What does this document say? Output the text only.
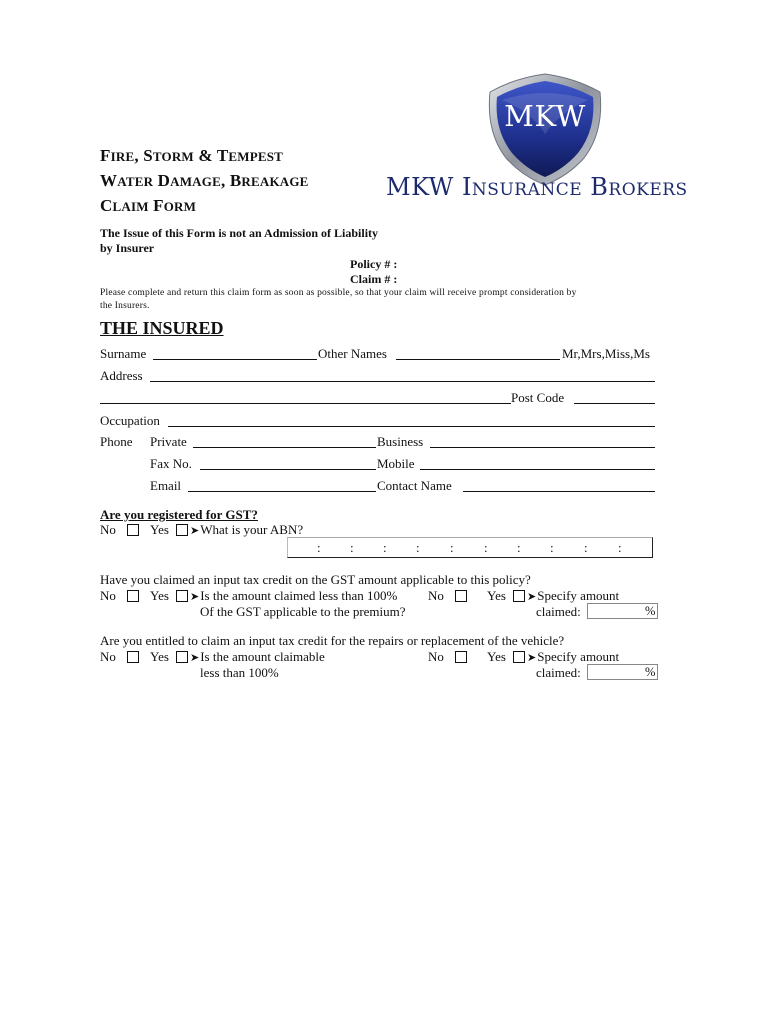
MKW
MKW Insurance Brokers
FIRE, STORM & TEMPEST
WATER DAMAGE, BREAKAGE
CLAIM FORM
The Issue of this Form is not an Admission of Liability
by Insurer
Policy # :
Claim # :
Please complete and return this claim form as soon as possible, so that your claim will receive prompt consideration by
the Insurers.
THE INSURED
Surname	Other Names	Mr,Mrs,Miss,Ms
Address
Post Code
Occupation
Phone Private	Business
Fax No.	Mobile
Email	Contact Name
Are you registered for GST?
No	Yes ➤What is your ABN?
: : : : : : : : : :
Have you claimed an input tax credit on the GST amount applicable to this policy?
No	Yes ➤Is the amount claimed less than 100%
Of the GST applicable to the premium?
No	Yes ➤Specify amount
claimed:	%
Are you entitled to claim an input tax credit for the repairs or replacement of the vehicle?
No	Yes ➤Is the amount claimable
less than 100%
No	Yes ➤Specify amount
claimed:	%
